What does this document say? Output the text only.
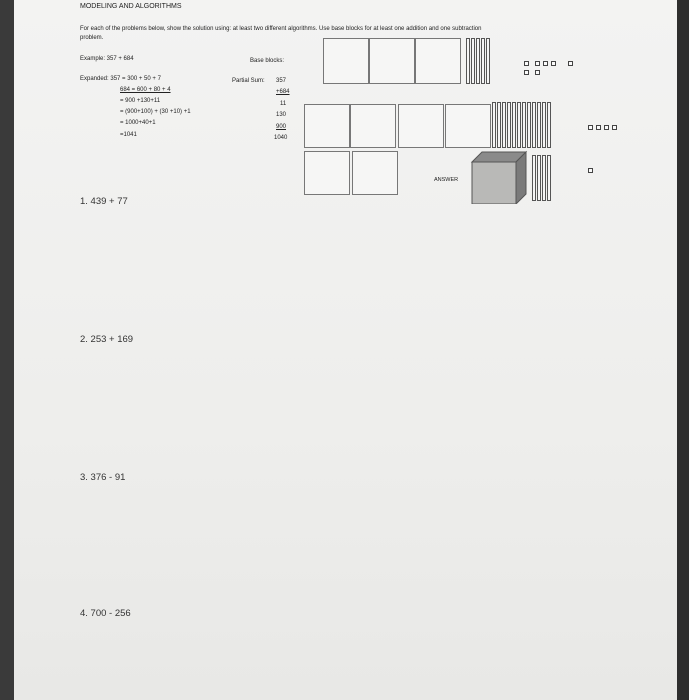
MODELING AND ALGORITHMS
For each of the problems below, show the solution using: at least two different algorithms. Use base blocks for at least one addition and one subtraction
problem.
Example: 357 + 684
Expanded: 357 = 300 + 50 + 7
684 = 600 + 80 + 4
= 900 +130+11
= (900+100) + (30 +10) +1
= 1000+40+1
=1041
Base blocks:
Partial Sum: 357
+684
11
130
900
1040
ANSWER
1. 439 + 77
2. 253 + 169
3. 376 - 91
4. 700 - 256
